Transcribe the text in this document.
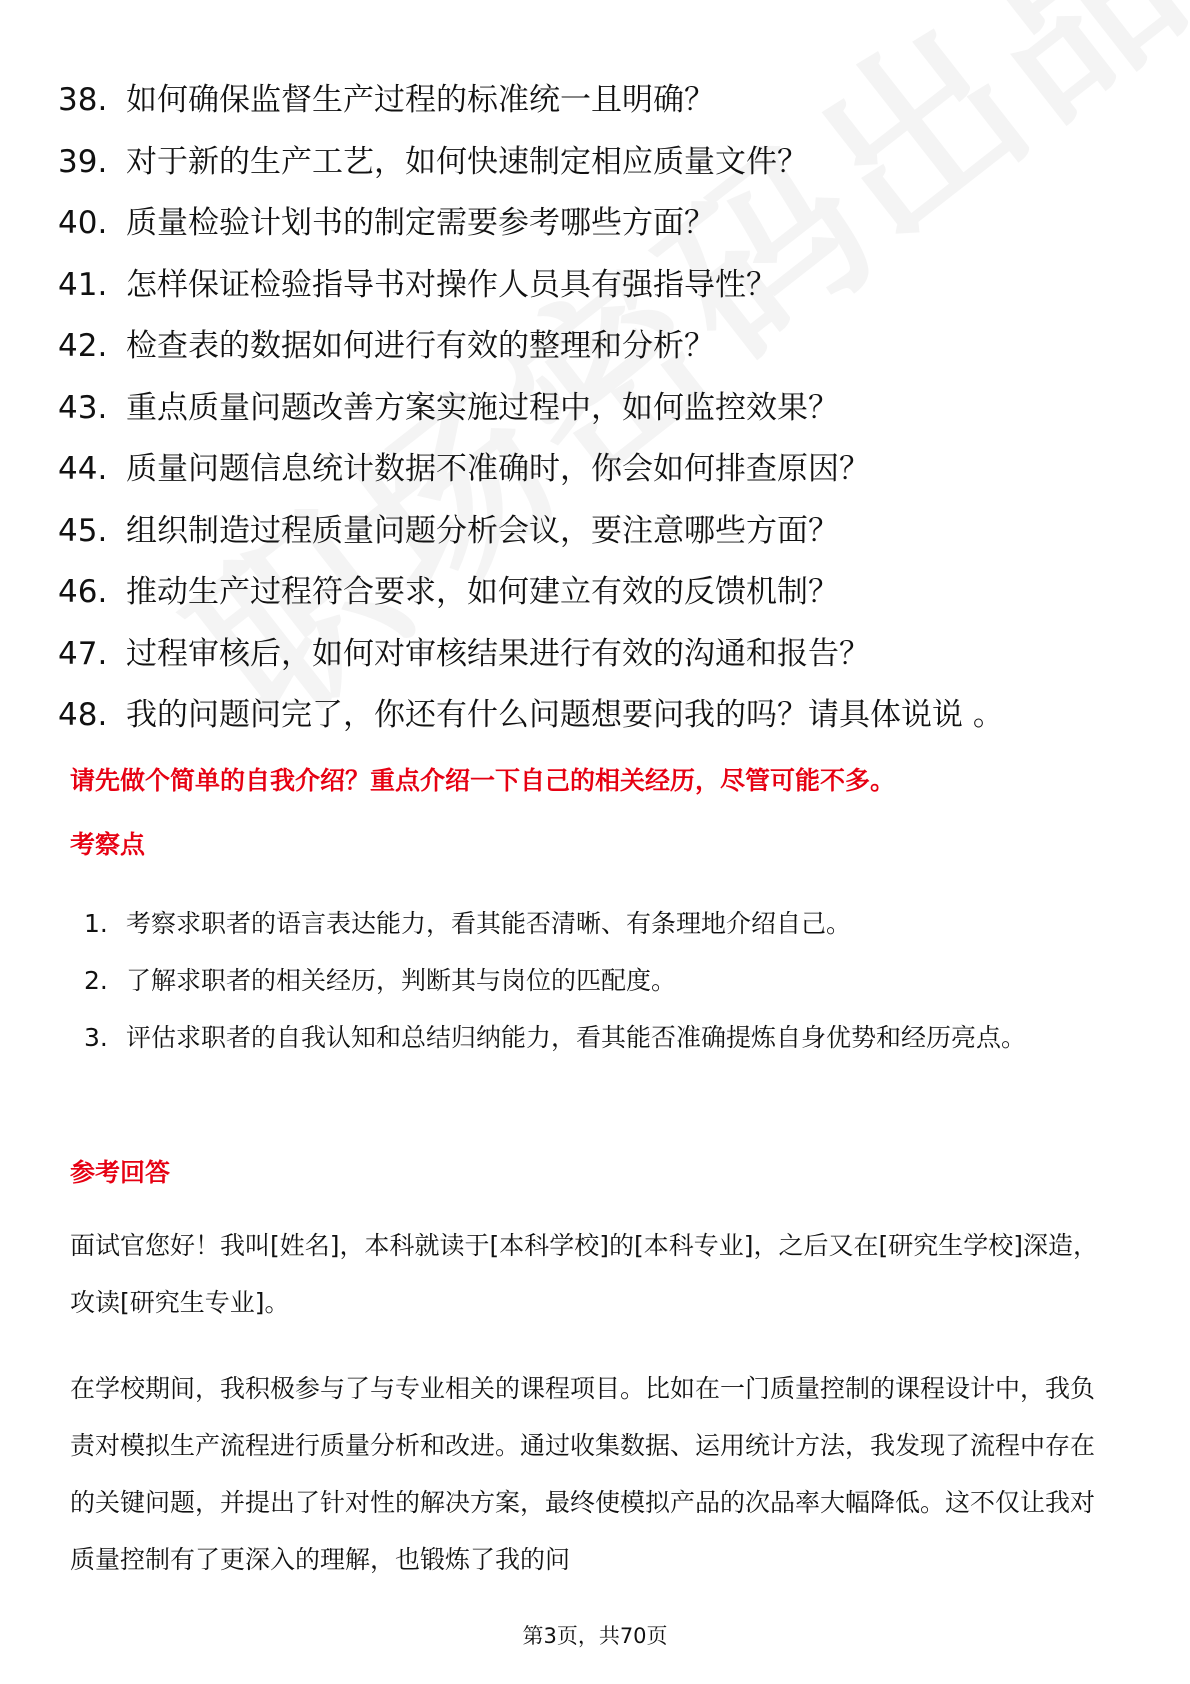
38. 如何确保监督生产过程的标准统一且明确？
39. 对于新的生产工艺，如何快速制定相应质量文件？
40. 质量检验计划书的制定需要参考哪些方面？
41. 怎样保证检验指导书对操作人员具有强指导性？
42. 检查表的数据如何进行有效的整理和分析？
43. 重点质量问题改善方案实施过程中，如何监控效果？
44. 质量问题信息统计数据不准确时，你会如何排查原因？
45. 组织制造过程质量问题分析会议，要注意哪些方面？
46. 推动生产过程符合要求，如何建立有效的反馈机制？
47. 过程审核后，如何对审核结果进行有效的沟通和报告？
48. 我的问题问完了，你还有什么问题想要问我的吗？请具体说说 。
请先做个简单的自我介绍？重点介绍一下自己的相关经历，尽管可能不多。
考察点
1. 考察求职者的语言表达能力，看其能否清晰、有条理地介绍自己。
2. 了解求职者的相关经历，判断其与岗位的匹配度。
3. 评估求职者的自我认知和总结归纳能力，看其能否准确提炼自身优势和经历亮点。
参考回答
面试官您好！我叫[姓名]，本科就读于[本科学校]的[本科专业]，之后又在[研究生学校]深造，攻读[研究生专业]。
在学校期间，我积极参与了与专业相关的课程项目。比如在一门质量控制的课程设计中，我负责对模拟生产流程进行质量分析和改进。通过收集数据、运用统计方法，我发现了流程中存在的关键问题，并提出了针对性的解决方案，最终使模拟产品的次品率大幅降低。这不仅让我对质量控制有了更深入的理解，也锻炼了我的问
第3页，共70页
